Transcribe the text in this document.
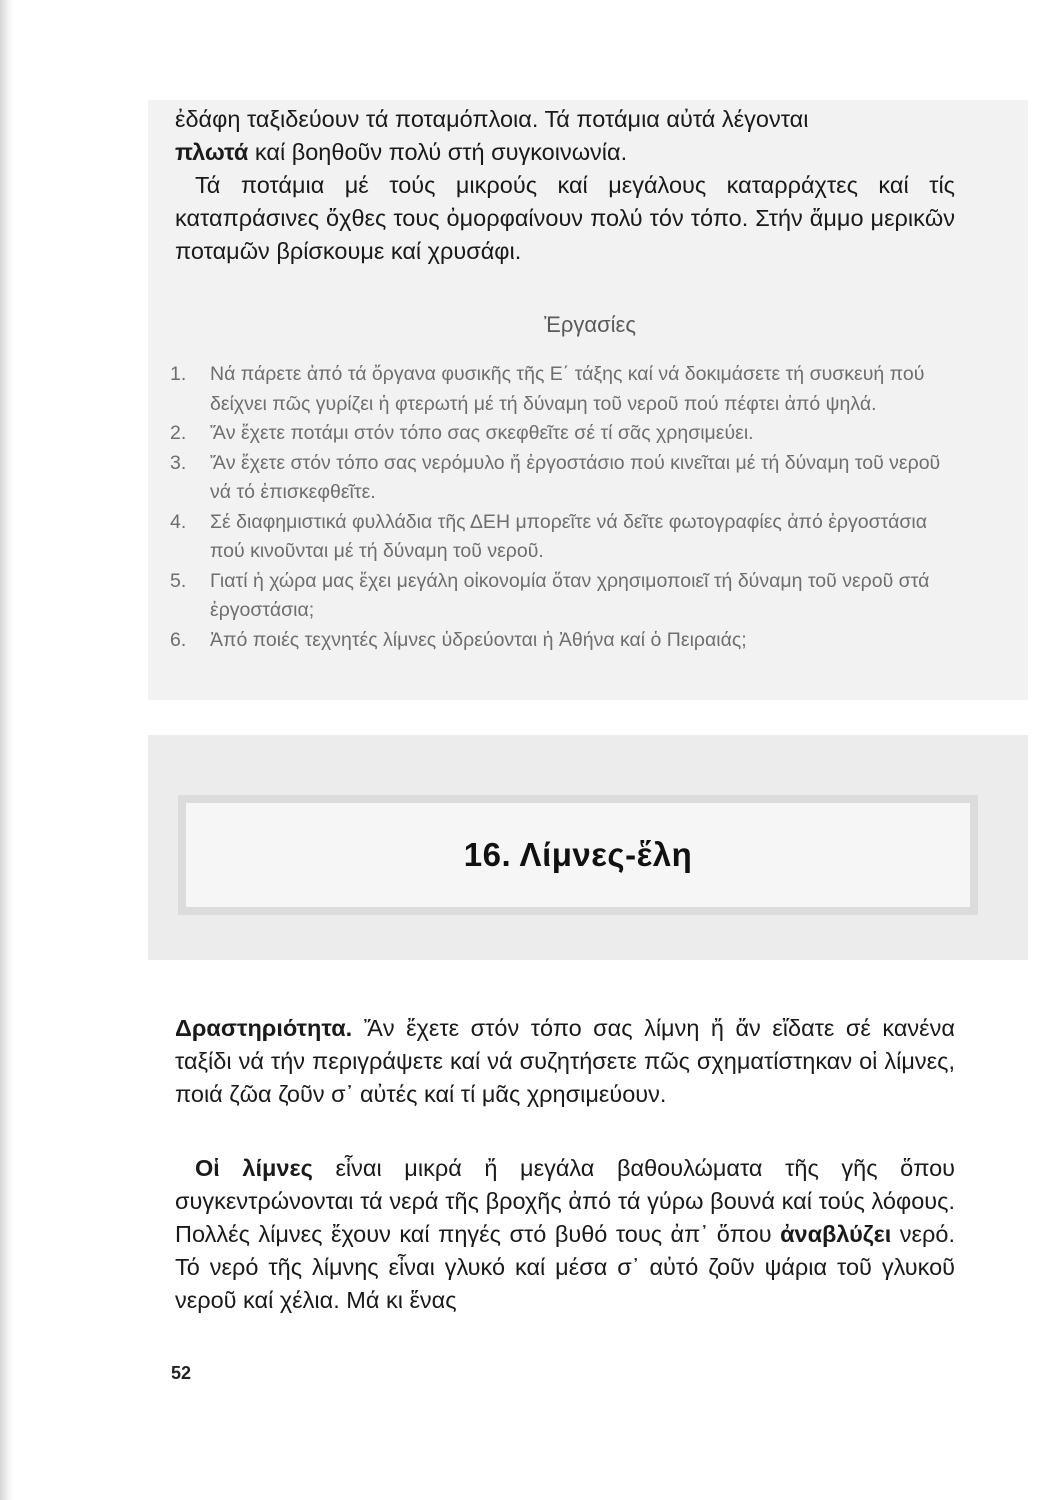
ἐδάφη ταξιδεύουν τά ποταμόπλοια. Τά ποτάμια αὐτά λέγονται

πλωτά καί βοηθοῦν πολύ στή συγκοινωνία.

Τά ποτάμια μέ τούς μικρούς καί μεγάλους καταρράχτες καί τίς καταπράσινες ὄχθες τους ὀμορφαίνουν πολύ τόν τόπο. Στήν ἄμμο μερικῶν ποταμῶν βρίσκουμε καί χρυσάφι.

Ἐργασίες
1.	Νά πάρετε ἀπό τά ὄργανα φυσικῆς τῆς Ε΄ τάξης καί νά δοκιμάσετε τή συσκευή πού δείχνει πῶς γυρίζει ἡ φτερωτή μέ τή δύναμη τοῦ νεροῦ πού πέφτει ἀπό ψηλά.
2.	Ἄν ἔχετε ποτάμι στόν τόπο σας σκεφθεῖτε σέ τί σᾶς χρησιμεύει.
3.	Ἄν ἔχετε στόν τόπο σας νερόμυλο ἤ ἐργοστάσιο πού κινεῖται μέ τή δύναμη τοῦ νεροῦ νά τό ἐπισκεφθεῖτε.
4.	Σέ διαφημιστικά φυλλάδια τῆς ΔΕΗ μπορεῖτε νά δεῖτε φωτογραφίες ἀπό ἐργοστάσια πού κινοῦνται μέ τή δύναμη τοῦ νεροῦ.
5.	Γιατί ἡ χώρα μας ἔχει μεγάλη οἰκονομία ὅταν χρησιμοποιεῖ τή δύναμη τοῦ νεροῦ στά ἐργοστάσια;
6.	Ἀπό ποιές τεχνητές λίμνες ὑδρεύονται ἡ Ἀθήνα καί ὁ Πειραιάς;
16. Λίμνες-ἕλη

Δραστηριότητα. Ἄν ἔχετε στόν τόπο σας λίμνη ἤ ἄν εἴδατε σέ κανένα ταξίδι νά τήν περιγράψετε καί νά συζητήσετε πῶς σχηματίστηκαν οἱ λίμνες, ποιά ζῶα ζοῦν σ᾽ αὐτές καί τί μᾶς χρησιμεύουν.

Οἱ λίμνες εἶναι μικρά ἤ μεγάλα βαθουλώματα τῆς γῆς ὅπου συγκεντρώνονται τά νερά τῆς βροχῆς ἀπό τά γύρω βουνά καί τούς λόφους. Πολλές λίμνες ἔχουν καί πηγές στό βυθό τους ἀπ᾽ ὅπου ἀναβλύζει νερό. Τό νερό τῆς λίμνης εἶναι γλυκό καί μέσα σ᾽ αὐτό ζοῦν ψάρια τοῦ γλυκοῦ νεροῦ καί χέλια. Μά κι ἕνας

52
